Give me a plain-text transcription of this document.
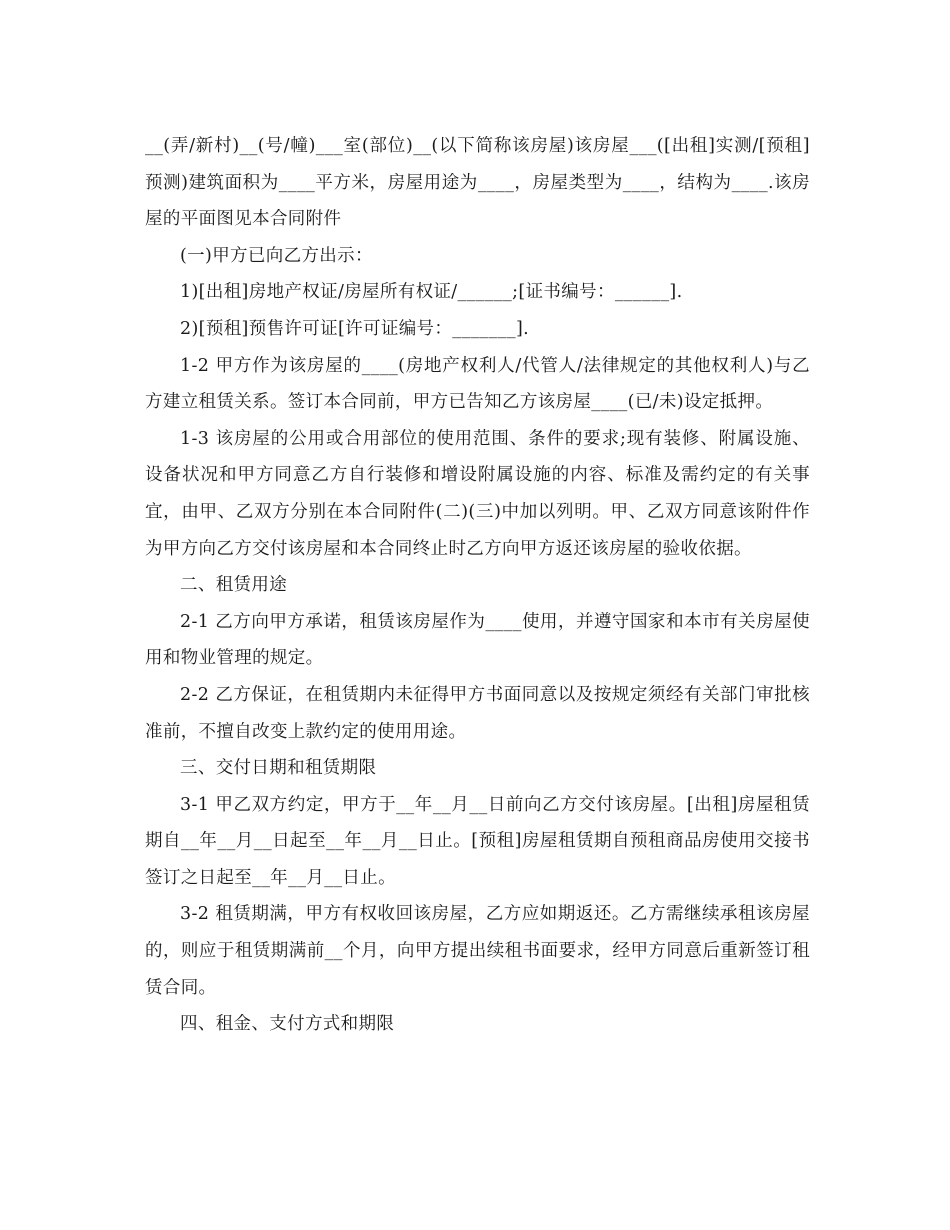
__(弄/新村)__(号/幢)___室(部位)__(以下简称该房屋)该房屋___([出租]实测/[预租]预测)建筑面积为____平方米，房屋用途为____，房屋类型为____，结构为____.该房屋的平面图见本合同附件

(一)甲方已向乙方出示：

1)[出租]房地产权证/房屋所有权证/______;[证书编号：______].

2)[预租]预售许可证[许可证编号：_______].

1-2 甲方作为该房屋的____(房地产权利人/代管人/法律规定的其他权利人)与乙方建立租赁关系。签订本合同前，甲方已告知乙方该房屋____(已/未)设定抵押。

1-3 该房屋的公用或合用部位的使用范围、条件的要求;现有装修、附属设施、设备状况和甲方同意乙方自行装修和增设附属设施的内容、标准及需约定的有关事宜，由甲、乙双方分别在本合同附件(二)(三)中加以列明。甲、乙双方同意该附件作为甲方向乙方交付该房屋和本合同终止时乙方向甲方返还该房屋的验收依据。

二、租赁用途

2-1 乙方向甲方承诺，租赁该房屋作为____使用，并遵守国家和本市有关房屋使用和物业管理的规定。

2-2 乙方保证，在租赁期内未征得甲方书面同意以及按规定须经有关部门审批核准前，不擅自改变上款约定的使用用途。

三、交付日期和租赁期限

3-1 甲乙双方约定，甲方于__年__月__日前向乙方交付该房屋。[出租]房屋租赁期自__年__月__日起至__年__月__日止。[预租]房屋租赁期自预租商品房使用交接书签订之日起至__年__月__日止。

3-2 租赁期满，甲方有权收回该房屋，乙方应如期返还。乙方需继续承租该房屋的，则应于租赁期满前__个月，向甲方提出续租书面要求，经甲方同意后重新签订租赁合同。

四、租金、支付方式和期限
